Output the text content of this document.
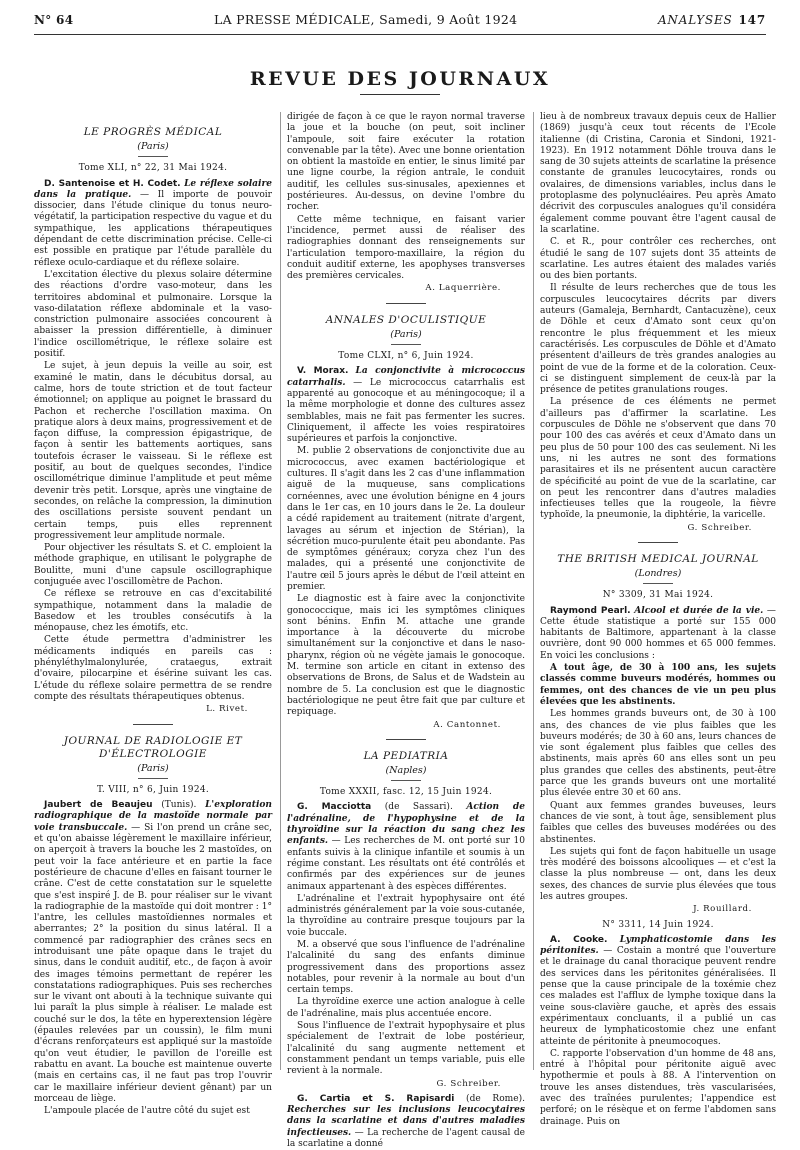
N° 64	LA PRESSE MÉDICALE, Samedi, 9 Août 1924	ANALYSES 147
REVUE DES JOURNAUX
LE PROGRÈS MÉDICAL
(Paris)
Tome XLI, n° 22, 31 Mai 1924.

D. Santenoise et H. Codet. Le réflexe solaire dans la pratique. — Il importe de pouvoir dissocier, dans l'étude clinique du tonus neuro-végétatif, la participation respective du vague et du sympathique, les applications thérapeutiques dépendant de cette discrimination précise. Celle-ci est possible en pratique par l'étude parallèle du réflexe oculo-cardiaque et du réflexe solaire.

L'excitation élective du plexus solaire détermine des réactions d'ordre vaso-moteur, dans les territoires abdominal et pulmonaire. Lorsque la vaso-dilatation réflexe abdominale et la vaso-constriction pulmonaire associées concourent à abaisser la pression différentielle, à diminuer l'indice oscillométrique, le réflexe solaire est positif.

Le sujet, à jeun depuis la veille au soir, est examiné le matin, dans le décubitus dorsal, au calme, hors de toute striction et de tout facteur émotionnel; on applique au poignet le brassard du Pachon et recherche l'oscillation maxima. On pratique alors à deux mains, progressivement et de façon diffuse, la compression épigastrique, de façon à sentir les battements aortiques, sans toutefois écraser le vaisseau. Si le réflexe est positif, au bout de quelques secondes, l'indice oscillométrique diminue l'amplitude et peut même devenir très petit. Lorsque, après une vingtaine de secondes, on relâche la compression, la diminution des oscillations persiste souvent pendant un certain temps, puis elles reprennent progressivement leur amplitude normale.

Pour objectiver les résultats S. et C. emploient la méthode graphique, en utilisant le polygraphe de Boulitte, muni d'une capsule oscillographique conjuguée avec l'oscillomètre de Pachon.

Ce réflexe se retrouve en cas d'excitabilité sympathique, notamment dans la maladie de Basedow et les troubles consécutifs à la ménopause, chez les émotifs, etc.

Cette étude permettra d'administrer les médicaments indiqués en pareils cas : phényléthylmalonylurée, crataegus, extrait d'ovaire, pilocarpine et ésérine suivant les cas. L'étude du réflexe solaire permettra de se rendre compte des résultats thérapeutiques obtenus.

L. Rivet.
JOURNAL DE RADIOLOGIE ET D'ÉLECTROLOGIE
(Paris)
T. VIII, n° 6, Juin 1924.

Jaubert de Beaujeu (Tunis). L'exploration radiographique de la mastoïde normale par voie transbuccale. — Si l'on prend un crâne sec, et qu'on abaisse légèrement le maxillaire inférieur, on aperçoit à travers la bouche les 2 mastoïdes, on peut voir la face antérieure et en partie la face postérieure de chacune d'elles en faisant tourner le crâne. C'est de cette constatation sur le squelette que s'est inspiré J. de B. pour réaliser sur le vivant la radiographie de la mastoïde qui doit montrer : 1° l'antre, les cellules mastoïdiennes normales et aberrantes; 2° la position du sinus latéral. Il a commencé par radiographier des crânes secs en introduisant une pâte opaque dans le trajet du sinus, dans le conduit auditif, etc., de façon à avoir des images témoins permettant de repérer les constatations radiographiques. Puis ses recherches sur le vivant ont abouti à la technique suivante qui lui paraît la plus simple à réaliser. Le malade est couché sur le dos, la tête en hyperextension légère (épaules relevées par un coussin), le film muni d'écrans renforçateurs est appliqué sur la mastoïde qu'on veut étudier, le pavillon de l'oreille est rabattu en avant. La bouche est maintenue ouverte (mais en certains cas, il ne faut pas trop l'ouvrir car le maxillaire inférieur devient gênant) par un morceau de liège.

L'ampoule placée de l'autre côté du sujet est

dirigée de façon à ce que le rayon normal traverse la joue et la bouche (on peut, soit incliner l'ampoule, soit faire exécuter la rotation convenable par la tête). Avec une bonne orientation on obtient la mastoïde en entier, le sinus limité par une ligne courbe, la région antrale, le conduit auditif, les cellules sus-sinusales, apexiennes et postérieures. Au-dessus, on devine l'ombre du rocher.

Cette même technique, en faisant varier l'incidence, permet aussi de réaliser des radiographies donnant des renseignements sur l'articulation temporo-maxillaire, la région du conduit auditif externe, les apophyses transverses des premières cervicales.

A. Laquerrière.
ANNALES D'OCULISTIQUE
(Paris)
Tome CLXI, n° 6, Juin 1924.

V. Morax. La conjonctivite à micrococcus catarrhalis. — Le micrococcus catarrhalis est apparenté au gonocoque et au méningocoque; il a la même morphologie et donne des cultures assez semblables, mais ne fait pas fermenter les sucres. Cliniquement, il affecte les voies respiratoires supérieures et parfois la conjonctive.

M. publie 2 observations de conjonctivite due au micrococcus, avec examen bactériologique et cultures. Il s'agit dans les 2 cas d'une inflammation aiguë de la muqueuse, sans complications cornéennes, avec une évolution bénigne en 4 jours dans le 1er cas, en 10 jours dans le 2e. La douleur a cédé rapidement au traitement (nitrate d'argent, lavages au sérum et injection de Stérian), la sécrétion muco-purulente était peu abondante. Pas de symptômes généraux; coryza chez l'un des malades, qui a présenté une conjonctivite de l'autre œil 5 jours après le début de l'œil atteint en premier.

Le diagnostic est à faire avec la conjonctivite gonococcique, mais ici les symptômes cliniques sont bénins. Enfin M. attache une grande importance à la découverte du microbe simultanément sur la conjonctive et dans le naso-pharynx, région où ne végète jamais le gonocoque. M. termine son article en citant in extenso des observations de Brons, de Salus et de Wadstein au nombre de 5. La conclusion est que le diagnostic bactériologique ne peut être fait que par culture et repiquage.

A. Cantonnet.
LA PEDIATRIA
(Naples)
Tome XXXII, fasc. 12, 15 Juin 1924.

G. Macciotta (de Sassari). Action de l'adrénaline, de l'hypophysine et de la thyroïdine sur la réaction du sang chez les enfants. — Les recherches de M. ont porté sur 10 enfants suivis à la clinique infantile et soumis à un régime constant. Les résultats ont été contrôlés et confirmés par des expériences sur de jeunes animaux appartenant à des espèces différentes.

L'adrénaline et l'extrait hypophysaire ont été administrés généralement par la voie sous-cutanée, la thyroïdine au contraire presque toujours par la voie buccale.

M. a observé que sous l'influence de l'adrénaline l'alcalinité du sang des enfants diminue progressivement dans des proportions assez notables, pour revenir à la normale au bout d'un certain temps.

La thyroïdine exerce une action analogue à celle de l'adrénaline, mais plus accentuée encore.

Sous l'influence de l'extrait hypophysaire et plus spécialement de l'extrait de lobe postérieur, l'alcalinité du sang augmente nettement et constamment pendant un temps variable, puis elle revient à la normale.

G. Schreiber.

G. Cartia et S. Rapisardi (de Rome). Recherches sur les inclusions leucocytaires dans la scarlatine et dans d'autres maladies infectieuses. — La recherche de l'agent causal de la scarlatine a donné

lieu à de nombreux travaux depuis ceux de Hallier (1869) jusqu'à ceux tout récents de l'Ecole italienne (di Cristina, Caronia et Sindoni, 1921-1923). En 1912 notamment Döhle trouva dans le sang de 30 sujets atteints de scarlatine la présence constante de granules leucocytaires, ronds ou ovalaires, de dimensions variables, inclus dans le protoplasme des polynucléaires. Peu après Amato décrivit des corpuscules analogues qu'il considéra également comme pouvant être l'agent causal de la scarlatine.

C. et R., pour contrôler ces recherches, ont étudié le sang de 107 sujets dont 35 atteints de scarlatine. Les autres étaient des malades variés ou des bien portants.

Il résulte de leurs recherches que de tous les corpuscules leucocytaires décrits par divers auteurs (Gamaleja, Bernhardt, Cantacuzène), ceux de Döhle et ceux d'Amato sont ceux qu'on rencontre le plus fréquemment et les mieux caractérisés. Les corpuscules de Döhle et d'Amato présentent d'ailleurs de très grandes analogies au point de vue de la forme et de la coloration. Ceux-ci se distinguent simplement de ceux-là par la présence de petites granulations rouges.

La présence de ces éléments ne permet d'ailleurs pas d'affirmer la scarlatine. Les corpuscules de Döhle ne s'observent que dans 70 pour 100 des cas avérés et ceux d'Amato dans un peu plus de 50 pour 100 des cas seulement. Ni les uns, ni les autres ne sont des formations parasitaires et ils ne présentent aucun caractère de spécificité au point de vue de la scarlatine, car on peut les rencontrer dans d'autres maladies infectieuses telles que la rougeole, la fièvre typhoïde, la pneumonie, la diphtérie, la varicelle.

G. Schreiber.
THE BRITISH MEDICAL JOURNAL
(Londres)
N° 3309, 31 Mai 1924.

Raymond Pearl. Alcool et durée de la vie. — Cette étude statistique a porté sur 155 000 habitants de Baltimore, appartenant à la classe ouvrière, dont 90 000 hommes et 65 000 femmes. En voici les conclusions :

A tout âge, de 30 à 100 ans, les sujets classés comme buveurs modérés, hommes ou femmes, ont des chances de vie un peu plus élevées que les abstinents.

Les hommes grands buveurs ont, de 30 à 100 ans, des chances de vie plus faibles que les buveurs modérés; de 30 à 60 ans, leurs chances de vie sont également plus faibles que celles des abstinents, mais après 60 ans elles sont un peu plus grandes que celles des abstinents, peut-être parce que les grands buveurs ont une mortalité plus élevée entre 30 et 60 ans.

Quant aux femmes grandes buveuses, leurs chances de vie sont, à tout âge, sensiblement plus faibles que celles des buveuses modérées ou des abstinentes.

Les sujets qui font de façon habituelle un usage très modéré des boissons alcooliques — et c'est la classe la plus nombreuse — ont, dans les deux sexes, des chances de survie plus élevées que tous les autres groupes.

J. Rouillard.
N° 3311, 14 Juin 1924.

A. Cooke. Lymphaticostomie dans les péritonites. — Costain a montré que l'ouverture et le drainage du canal thoracique peuvent rendre des services dans les péritonites généralisées. Il pense que la cause principale de la toxémie chez ces malades est l'afflux de lymphe toxique dans la veine sous-clavière gauche, et après des essais expérimentaux concluants, il a publié un cas heureux de lymphaticostomie chez une enfant atteinte de péritonite à pneumocoques.

C. rapporte l'observation d'un homme de 48 ans, entré à l'hôpital pour péritonite aiguë avec hypothermie et pouls à 88. A l'intervention on trouve les anses distendues, très vascularisées, avec des traînées purulentes; l'appendice est perforé; on le résèque et on ferme l'abdomen sans drainage. Puis on
